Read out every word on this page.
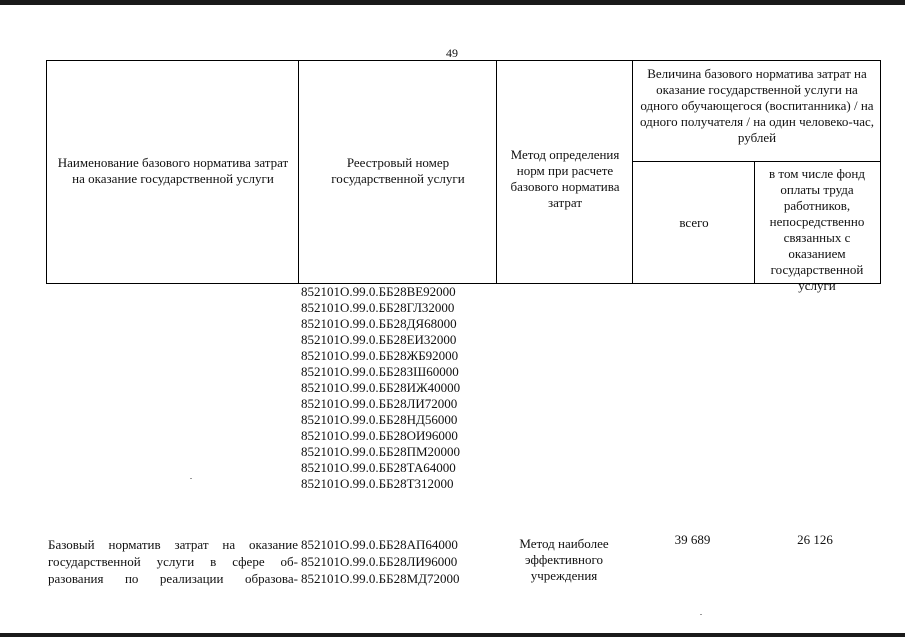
49
Наименование базового норматива затрат на оказание государственной услуги
Реестровый номер государственной услуги
Метод определения норм при расчете базового норматива затрат
Величина базового норматива затрат на оказание государственной услуги на одного обучающегося (воспитанника) / на одного получателя / на один человеко-час, рублей
всего
в том числе фонд оплаты труда работников, непосредственно связанных с оказанием государственной услуги
852101О.99.0.ББ28ВЕ92000
852101О.99.0.ББ28ГЛ32000
852101О.99.0.ББ28ДЯ68000
852101О.99.0.ББ28ЕИ32000
852101О.99.0.ББ28ЖБ92000
852101О.99.0.ББ28ЗШ60000
852101О.99.0.ББ28ИЖ40000
852101О.99.0.ББ28ЛИ72000
852101О.99.0.ББ28НД56000
852101О.99.0.ББ28ОИ96000
852101О.99.0.ББ28ПМ20000
852101О.99.0.ББ28ТА64000
852101О.99.0.ББ28Т312000
Базовый норматив затрат на оказание
государственной услуги в сфере об-
разования по реализации образова-
852101О.99.0.ББ28АП64000
852101О.99.0.ББ28ЛИ96000
852101О.99.0.ББ28МД72000
Метод наиболее эффективного учреждения
39 689	26 126
